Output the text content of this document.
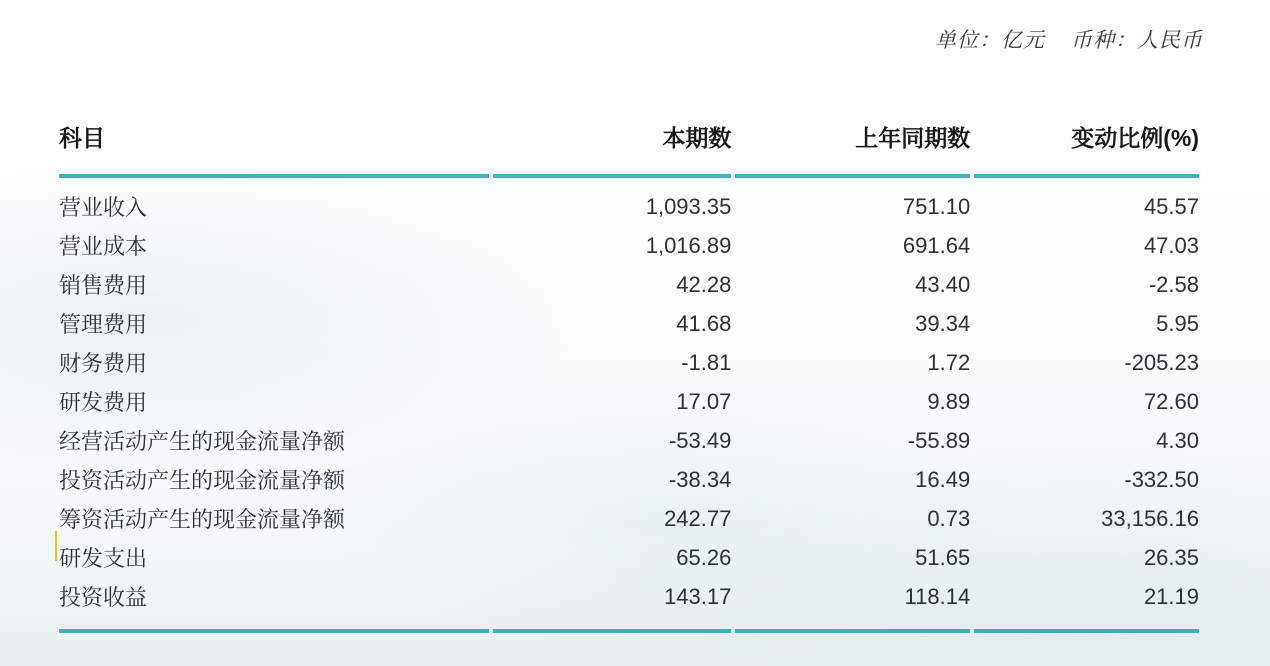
单位：亿元 币种：人民币
科目	本期数	上年同期数	变动比例(%)
营业收入	1,093.35	751.10	45.57
营业成本	1,016.89	691.64	47.03
销售费用	42.28	43.40	-2.58
管理费用	41.68	39.34	5.95
财务费用	-1.81	1.72	-205.23
研发费用	17.07	9.89	72.60
经营活动产生的现金流量净额	-53.49	-55.89	4.30
投资活动产生的现金流量净额	-38.34	16.49	-332.50
筹资活动产生的现金流量净额	242.77	0.73	33,156.16
研发支出	65.26	51.65	26.35
投资收益	143.17	118.14	21.19
